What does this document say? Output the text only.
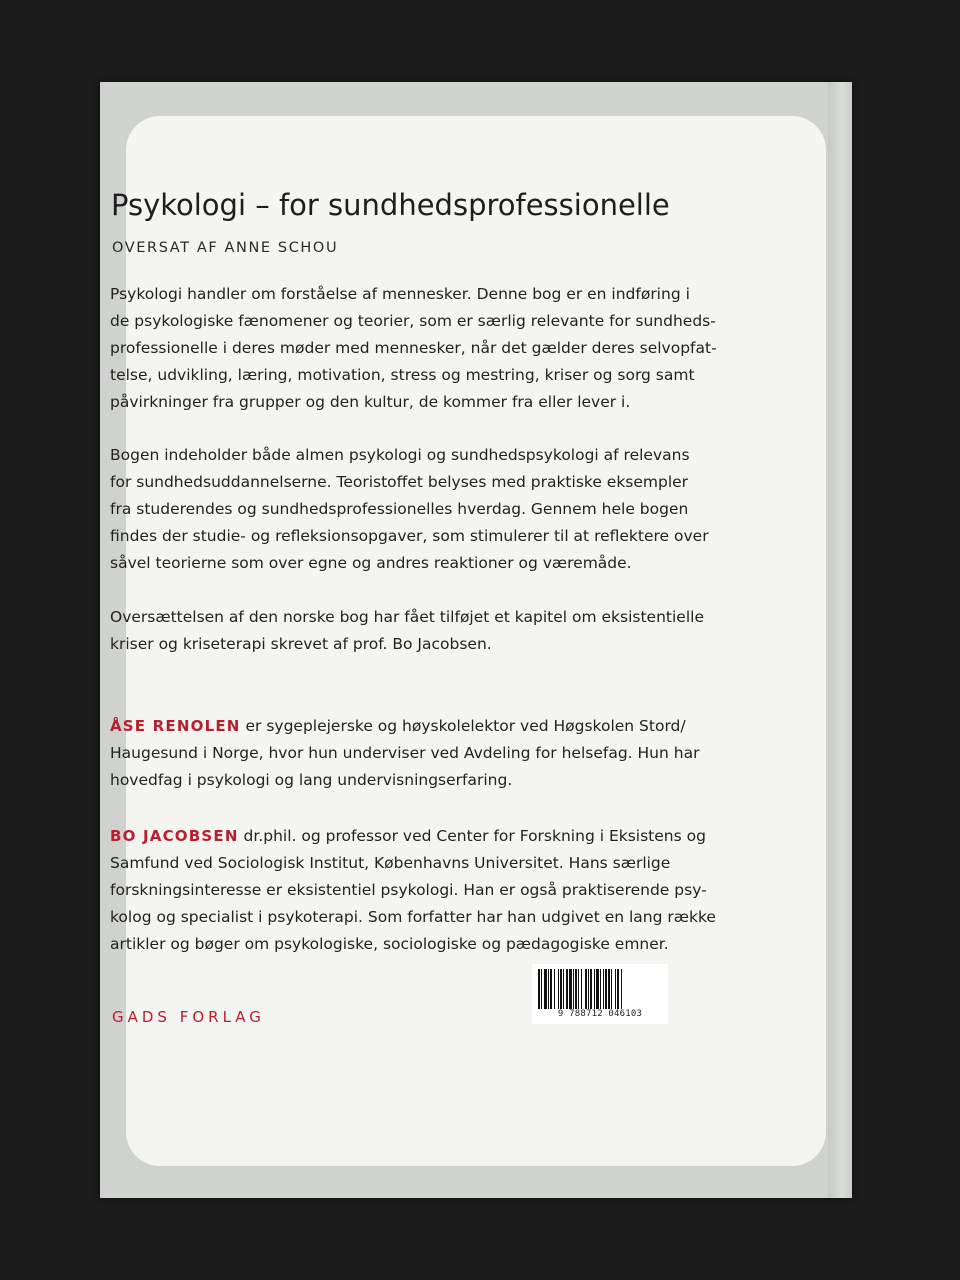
Psykologi – for sundhedsprofessionelle
OVERSAT AF ANNE SCHOU
Psykologi handler om forståelse af mennesker. Denne bog er en indføring i
de psykologiske fænomener og teorier, som er særlig relevante for sundheds-
professionelle i deres møder med mennesker, når det gælder deres selvopfat-
telse, udvikling, læring, motivation, stress og mestring, kriser og sorg samt
påvirkninger fra grupper og den kultur, de kommer fra eller lever i.
Bogen indeholder både almen psykologi og sundhedspsykologi af relevans
for sundhedsuddannelserne. Teoristoffet belyses med praktiske eksempler
fra studerendes og sundhedsprofessionelles hverdag. Gennem hele bogen
findes der studie- og refleksionsopgaver, som stimulerer til at reflektere over
såvel teorierne som over egne og andres reaktioner og væremåde.
Oversættelsen af den norske bog har fået tilføjet et kapitel om eksistentielle
kriser og kriseterapi skrevet af prof. Bo Jacobsen.
ÅSE RENOLEN er sygeplejerske og høyskolelektor ved Høgskolen Stord/
Haugesund i Norge, hvor hun underviser ved Avdeling for helsefag. Hun har
hovedfag i psykologi og lang undervisningserfaring.
BO JACOBSEN dr.phil. og professor ved Center for Forskning i Eksistens og
Samfund ved Sociologisk Institut, Københavns Universitet. Hans særlige
forskningsinteresse er eksistentiel psykologi. Han er også praktiserende psy-
kolog og specialist i psykoterapi. Som forfatter har han udgivet en lang række
artikler og bøger om psykologiske, sociologiske og pædagogiske emner.
GADS FORLAG	9 788712 046103
